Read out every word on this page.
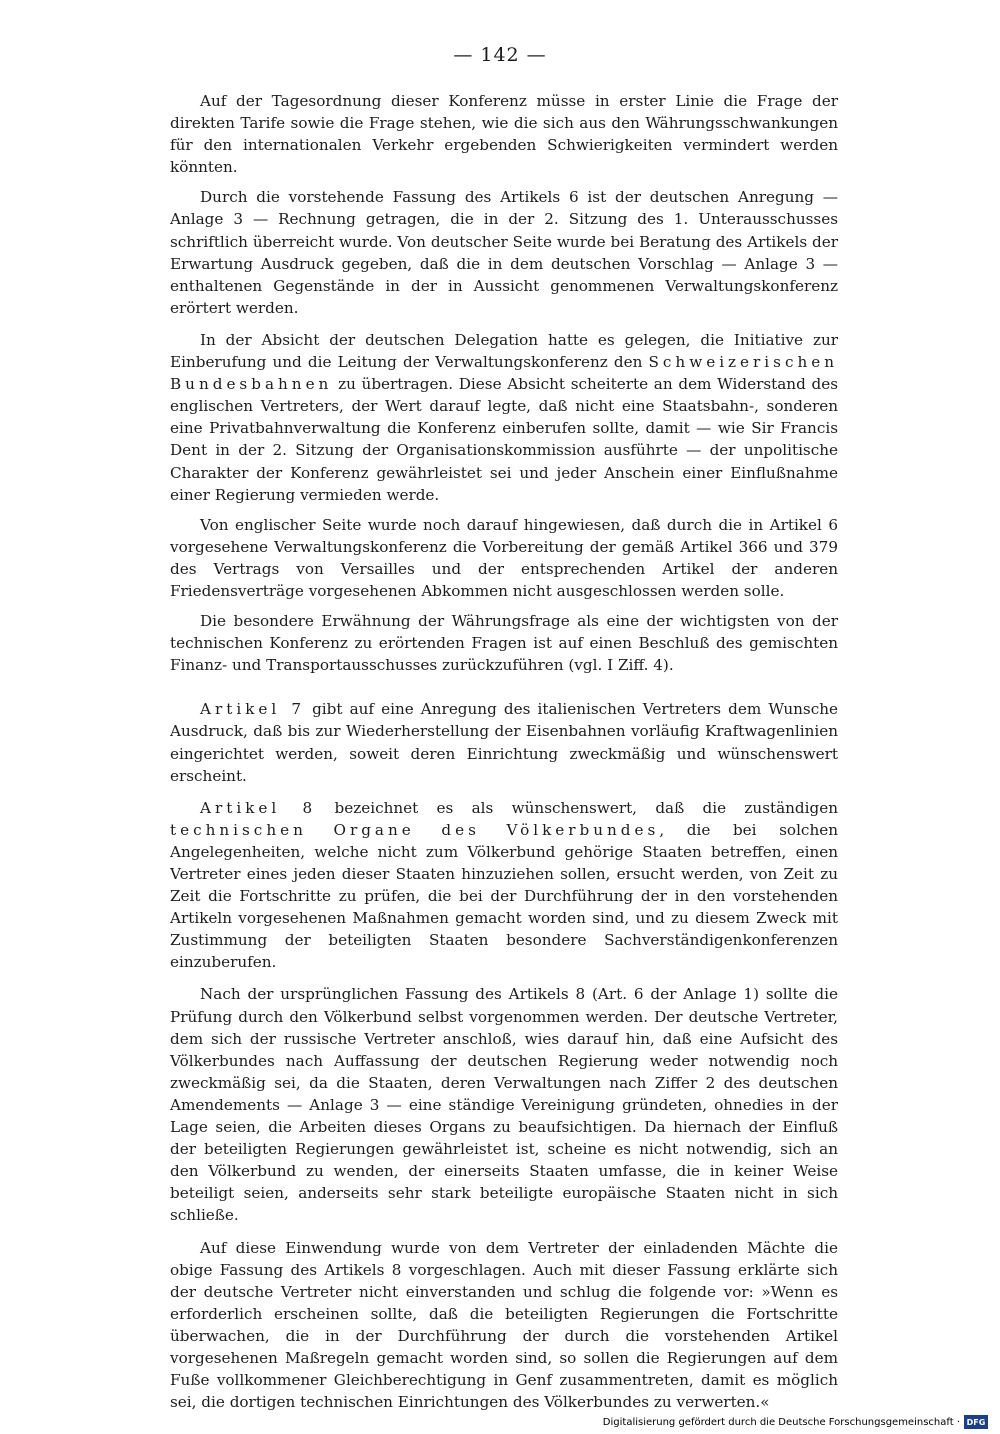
— 142 —

Auf der Tagesordnung dieser Konferenz müsse in erster Linie die Frage der direkten Tarife sowie die Frage stehen, wie die sich aus den Währungsschwankungen für den internationalen Verkehr ergebenden Schwierigkeiten vermindert werden könnten.

Durch die vorstehende Fassung des Artikels 6 ist der deutschen Anregung — Anlage 3 — Rechnung getragen, die in der 2. Sitzung des 1. Unterausschusses schriftlich überreicht wurde. Von deutscher Seite wurde bei Beratung des Artikels der Erwartung Ausdruck gegeben, daß die in dem deutschen Vorschlag — Anlage 3 — enthaltenen Gegenstände in der in Aussicht genommenen Verwaltungskonferenz erörtert werden.

In der Absicht der deutschen Delegation hatte es gelegen, die Initiative zur Einberufung und die Leitung der Verwaltungskonferenz den Schweizerischen Bundesbahnen zu übertragen. Diese Absicht scheiterte an dem Widerstand des englischen Vertreters, der Wert darauf legte, daß nicht eine Staatsbahn-, sonderen eine Privatbahnverwaltung die Konferenz einberufen sollte, damit — wie Sir Francis Dent in der 2. Sitzung der Organisationskommission ausführte — der unpolitische Charakter der Konferenz gewährleistet sei und jeder Anschein einer Einflußnahme einer Regierung vermieden werde.

Von englischer Seite wurde noch darauf hingewiesen, daß durch die in Artikel 6 vorgesehene Verwaltungskonferenz die Vorbereitung der gemäß Artikel 366 und 379 des Vertrags von Versailles und der entsprechenden Artikel der anderen Friedensverträge vorgesehenen Abkommen nicht ausgeschlossen werden solle.

Die besondere Erwähnung der Währungsfrage als eine der wichtigsten von der technischen Konferenz zu erörtenden Fragen ist auf einen Beschluß des gemischten Finanz- und Transportausschusses zurückzuführen (vgl. I Ziff. 4).

Artikel 7 gibt auf eine Anregung des italienischen Vertreters dem Wunsche Ausdruck, daß bis zur Wiederherstellung der Eisenbahnen vorläufig Kraftwagenlinien eingerichtet werden, soweit deren Einrichtung zweckmäßig und wünschenswert erscheint.

Artikel 8 bezeichnet es als wünschenswert, daß die zuständigen technischen Organe des Völkerbundes, die bei solchen Angelegenheiten, welche nicht zum Völkerbund gehörige Staaten betreffen, einen Vertreter eines jeden dieser Staaten hinzuziehen sollen, ersucht werden, von Zeit zu Zeit die Fortschritte zu prüfen, die bei der Durchführung der in den vorstehenden Artikeln vorgesehenen Maßnahmen gemacht worden sind, und zu diesem Zweck mit Zustimmung der beteiligten Staaten besondere Sachverständigenkonferenzen einzuberufen.

Nach der ursprünglichen Fassung des Artikels 8 (Art. 6 der Anlage 1) sollte die Prüfung durch den Völkerbund selbst vorgenommen werden. Der deutsche Vertreter, dem sich der russische Vertreter anschloß, wies darauf hin, daß eine Aufsicht des Völkerbundes nach Auffassung der deutschen Regierung weder notwendig noch zweckmäßig sei, da die Staaten, deren Verwaltungen nach Ziffer 2 des deutschen Amendements — Anlage 3 — eine ständige Vereinigung gründeten, ohnedies in der Lage seien, die Arbeiten dieses Organs zu beaufsichtigen. Da hiernach der Einfluß der beteiligten Regierungen gewährleistet ist, scheine es nicht notwendig, sich an den Völkerbund zu wenden, der einerseits Staaten umfasse, die in keiner Weise beteiligt seien, anderseits sehr stark beteiligte europäische Staaten nicht in sich schließe.

Auf diese Einwendung wurde von dem Vertreter der einladenden Mächte die obige Fassung des Artikels 8 vorgeschlagen. Auch mit dieser Fassung erklärte sich der deutsche Vertreter nicht einverstanden und schlug die folgende vor: »Wenn es erforderlich erscheinen sollte, daß die beteiligten Regierungen die Fortschritte überwachen, die in der Durchführung der durch die vorstehenden Artikel vorgesehenen Maßregeln gemacht worden sind, so sollen die Regierungen auf dem Fuße vollkommener Gleichberechtigung in Genf zusammentreten, damit es möglich sei, die dortigen technischen Einrichtungen des Völkerbundes zu verwerten.«

Digitalisierung gefördert durch die Deutsche Forschungsgemeinschaft · DFG
